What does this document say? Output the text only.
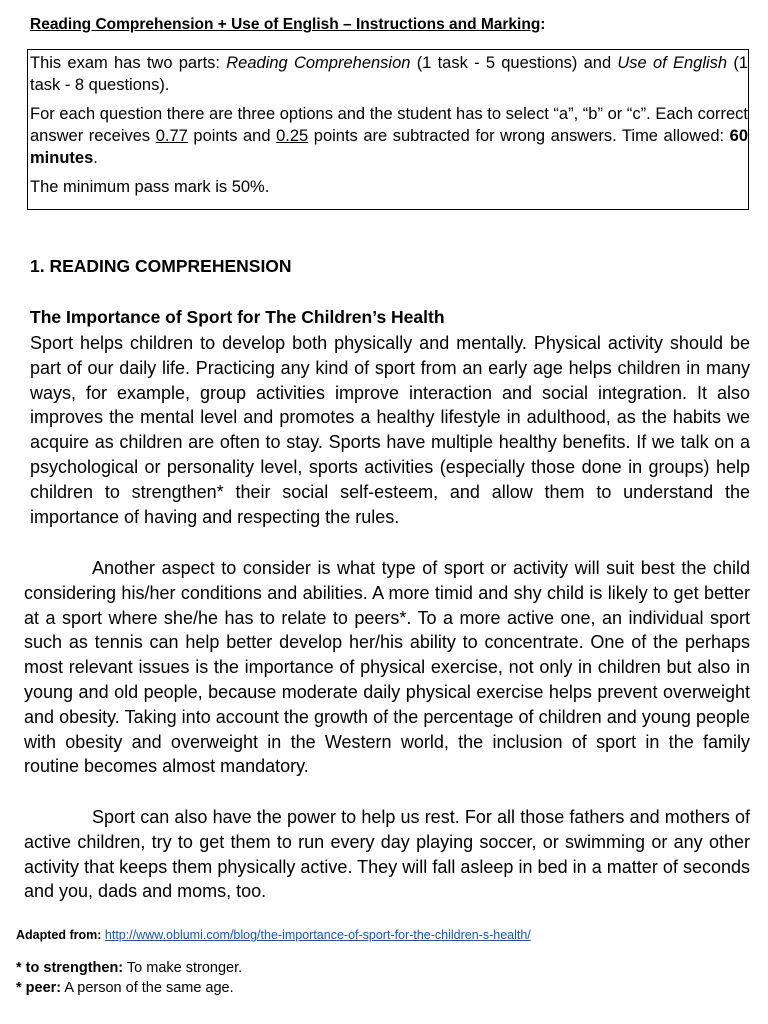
Reading Comprehension + Use of English – Instructions and Marking:

This exam has two parts: Reading Comprehension (1 task - 5 questions) and Use of English (1 task - 8 questions).

For each question there are three options and the student has to select “a”, “b” or “c”. Each correct answer receives 0.77 points and 0.25 points are subtracted for wrong answers. Time allowed: 60 minutes.

The minimum pass mark is 50%.

1. READING COMPREHENSION
The Importance of Sport for The Children’s Health

Sport helps children to develop both physically and mentally. Physical activity should be part of our daily life. Practicing any kind of sport from an early age helps children in many ways, for example, group activities improve interaction and social integration. It also improves the mental level and promotes a healthy lifestyle in adulthood, as the habits we acquire as children are often to stay. Sports have multiple healthy benefits. If we talk on a psychological or personality level, sports activities (especially those done in groups) help children to strengthen* their social self-esteem, and allow them to understand the importance of having and respecting the rules.

Another aspect to consider is what type of sport or activity will suit best the child considering his/her conditions and abilities. A more timid and shy child is likely to get better at a sport where she/he has to relate to peers*. To a more active one, an individual sport such as tennis can help better develop her/his ability to concentrate. One of the perhaps most relevant issues is the importance of physical exercise, not only in children but also in young and old people, because moderate daily physical exercise helps prevent overweight and obesity. Taking into account the growth of the percentage of children and young people with obesity and overweight in the Western world, the inclusion of sport in the family routine becomes almost mandatory.

Sport can also have the power to help us rest. For all those fathers and mothers of active children, try to get them to run every day playing soccer, or swimming or any other activity that keeps them physically active. They will fall asleep in bed in a matter of seconds and you, dads and moms, too.

Adapted from: http://www.oblumi.com/blog/the-importance-of-sport-for-the-children-s-health/
* to strengthen: To make stronger.
* peer: A person of the same age.
